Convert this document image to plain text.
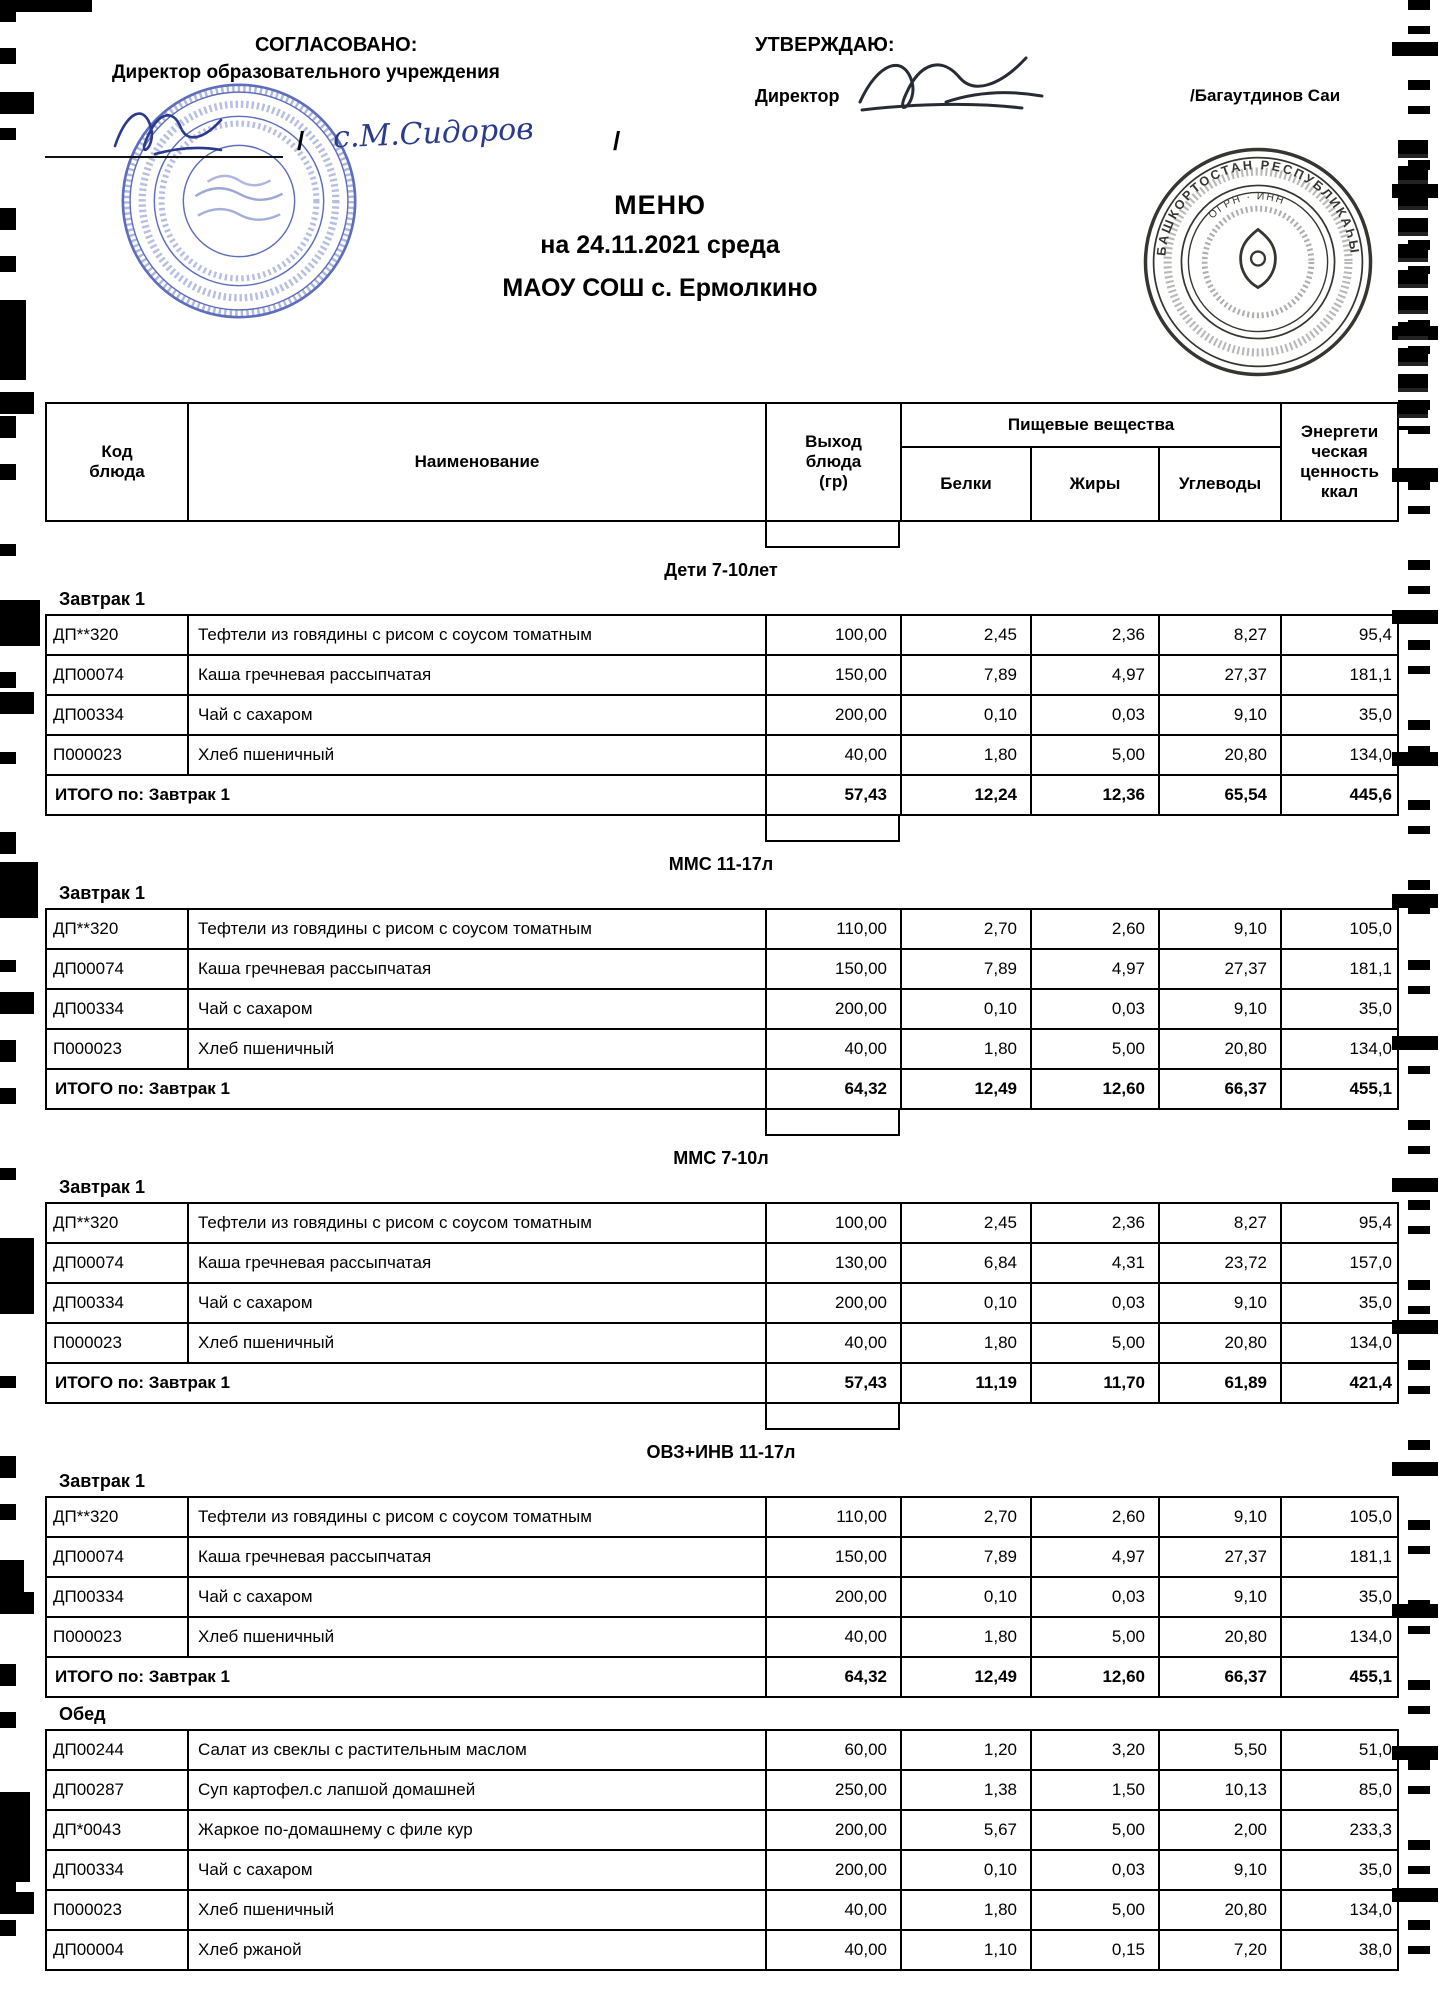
СОГЛАСОВАНО:
Директор образовательного учреждения
/ с.М.Сидоров	/
УТВЕРЖДАЮ:
Директор	/Багаутдинов Саи
МЕНЮ
на 24.11.2021 среда
МАОУ СОШ с. Ермолкино
БАШКОРТОСТАН РЕСПУБЛИКАҺЫ
ОГРН · ИНН
Код блюда	Наименование	Выход блюда (гр)	Пищевые вещества			Энергети ческая ценность ккал
			Белки	Жиры	Углеводы	
Дети 7-10лет
Завтрак 1
ДП**320	Тефтели из говядины с рисом с соусом томатным	100,00	2,45	2,36	8,27	95,4
ДП00074	Каша гречневая рассыпчатая	150,00	7,89	4,97	27,37	181,1
ДП00334	Чай с сахаром	200,00	0,10	0,03	9,10	35,0
П000023	Хлеб пшеничный	40,00	1,80	5,00	20,80	134,0
ИТОГО по: Завтрак 1		57,43	12,24	12,36	65,54	445,6
ММС 11-17л
Завтрак 1
ДП**320	Тефтели из говядины с рисом с соусом томатным	110,00	2,70	2,60	9,10	105,0
ДП00074	Каша гречневая рассыпчатая	150,00	7,89	4,97	27,37	181,1
ДП00334	Чай с сахаром	200,00	0,10	0,03	9,10	35,0
П000023	Хлеб пшеничный	40,00	1,80	5,00	20,80	134,0
ИТОГО по: Завтрак 1		64,32	12,49	12,60	66,37	455,1
ММС 7-10л
Завтрак 1
ДП**320	Тефтели из говядины с рисом с соусом томатным	100,00	2,45	2,36	8,27	95,4
ДП00074	Каша гречневая рассыпчатая	130,00	6,84	4,31	23,72	157,0
ДП00334	Чай с сахаром	200,00	0,10	0,03	9,10	35,0
П000023	Хлеб пшеничный	40,00	1,80	5,00	20,80	134,0
ИТОГО по: Завтрак 1		57,43	11,19	11,70	61,89	421,4
ОВЗ+ИНВ 11-17л
Завтрак 1
ДП**320	Тефтели из говядины с рисом с соусом томатным	110,00	2,70	2,60	9,10	105,0
ДП00074	Каша гречневая рассыпчатая	150,00	7,89	4,97	27,37	181,1
ДП00334	Чай с сахаром	200,00	0,10	0,03	9,10	35,0
П000023	Хлеб пшеничный	40,00	1,80	5,00	20,80	134,0
ИТОГО по: Завтрак 1		64,32	12,49	12,60	66,37	455,1
Обед
ДП00244	Салат из свеклы с растительным маслом	60,00	1,20	3,20	5,50	51,0
ДП00287	Суп картофел.с лапшой домашней	250,00	1,38	1,50	10,13	85,0
ДП*0043	Жаркое по-домашнему с филе кур	200,00	5,67	5,00	2,00	233,3
ДП00334	Чай с сахаром	200,00	0,10	0,03	9,10	35,0
П000023	Хлеб пшеничный	40,00	1,80	5,00	20,80	134,0
ДП00004	Хлеб ржаной	40,00	1,10	0,15	7,20	38,0
